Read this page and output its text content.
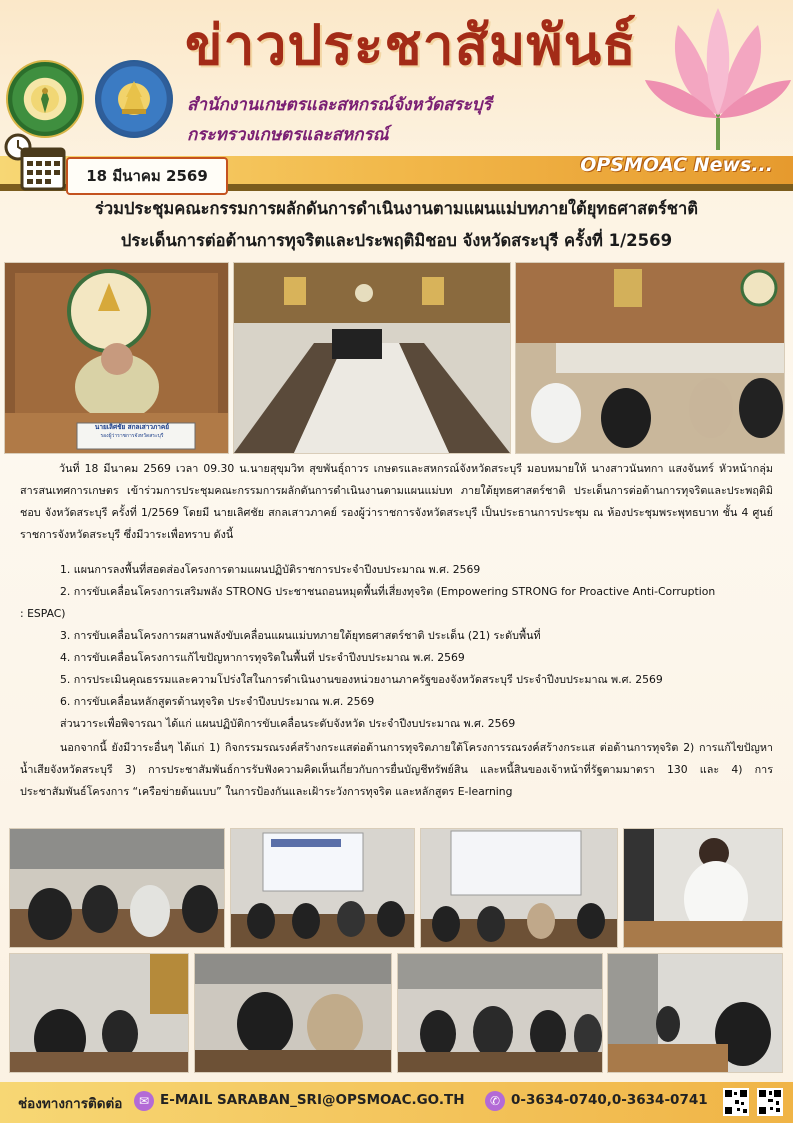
ข่าวประชาสัมพันธ์
สำนักงานเกษตรและสหกรณ์จังหวัดสระบุรี
กระทรวงเกษตรและสหกรณ์
18 มีนาคม 2569	OPSMOAC News...
ร่วมประชุมคณะกรรมการผลักดันการดำเนินงานตามแผนแม่บทภายใต้ยุทธศาสตร์ชาติ
ประเด็นการต่อต้านการทุจริตและประพฤติมิชอบ จังหวัดสระบุรี ครั้งที่ 1/2569
นายเลิศชัย สกลเสาวภาคย์
รองผู้ว่าราชการจังหวัดสระบุรี
วันที่ 18 มีนาคม 2569 เวลา 09.30 น.นายสุขุมวิท สุขพันธุ์ถาวร เกษตรและสหกรณ์จังหวัดสระบุรี มอบหมายให้ นางสาวนันทกา แสงจันทร์ หัวหน้ากลุ่มสารสนเทศการเกษตร เข้าร่วมการประชุมคณะกรรมการผลักดันการดำเนินงานตามแผนแม่บท ภายใต้ยุทธศาสตร์ชาติ ประเด็นการต่อต้านการทุจริตและประพฤติมิชอบ จังหวัดสระบุรี ครั้งที่ 1/2569 โดยมี นายเลิศชัย สกลเสาวภาคย์ รองผู้ว่าราชการจังหวัดสระบุรี เป็นประธานการประชุม ณ ห้องประชุมพระพุทธบาท ชั้น 4 ศูนย์ราชการจังหวัดสระบุรี ซึ่งมีวาระเพื่อทราบ ดังนี้
1. แผนการลงพื้นที่สอดส่องโครงการตามแผนปฏิบัติราชการประจำปีงบประมาณ พ.ศ. 2569
2. การขับเคลื่อนโครงการเสริมพลัง STRONG ประชาชนถอนหมุดพื้นที่เสี่ยงทุจริต (Empowering STRONG for Proactive Anti-Corruption
: ESPAC)
3. การขับเคลื่อนโครงการผสานพลังขับเคลื่อนแผนแม่บทภายใต้ยุทธศาสตร์ชาติ ประเด็น (21) ระดับพื้นที่
4. การขับเคลื่อนโครงการแก้ไขปัญหาการทุจริตในพื้นที่ ประจำปีงบประมาณ พ.ศ. 2569
5. การประเมินคุณธรรมและความโปร่งใสในการดำเนินงานของหน่วยงานภาครัฐของจังหวัดสระบุรี ประจำปีงบประมาณ พ.ศ. 2569
6. การขับเคลื่อนหลักสูตรต้านทุจริต ประจำปีงบประมาณ พ.ศ. 2569
ส่วนวาระเพื่อพิจารณา ได้แก่ แผนปฏิบัติการขับเคลื่อนระดับจังหวัด ประจำปีงบประมาณ พ.ศ. 2569
นอกจากนี้ ยังมีวาระอื่นๆ ได้แก่ 1) กิจกรรมรณรงค์สร้างกระแสต่อต้านการทุจริตภายใต้โครงการรณรงค์สร้างกระแส ต่อต้านการทุจริต 2) การแก้ไขปัญหาน้ำเสียจังหวัดสระบุรี 3) การประชาสัมพันธ์การรับฟังความคิดเห็นเกี่ยวกับการยื่นบัญชีทรัพย์สิน และหนี้สินของเจ้าหน้าที่รัฐตามมาตรา 130 และ 4) การประชาสัมพันธ์โครงการ “เครือข่ายต้นแบบ” ในการป้องกันและเฝ้าระวังการทุจริต และหลักสูตร E-learning
ช่องทางการติดต่อ	✉ E-MAIL SARABAN_SRI@OPSMOAC.GO.TH	✆ 0-3634-0740,0-3634-0741
